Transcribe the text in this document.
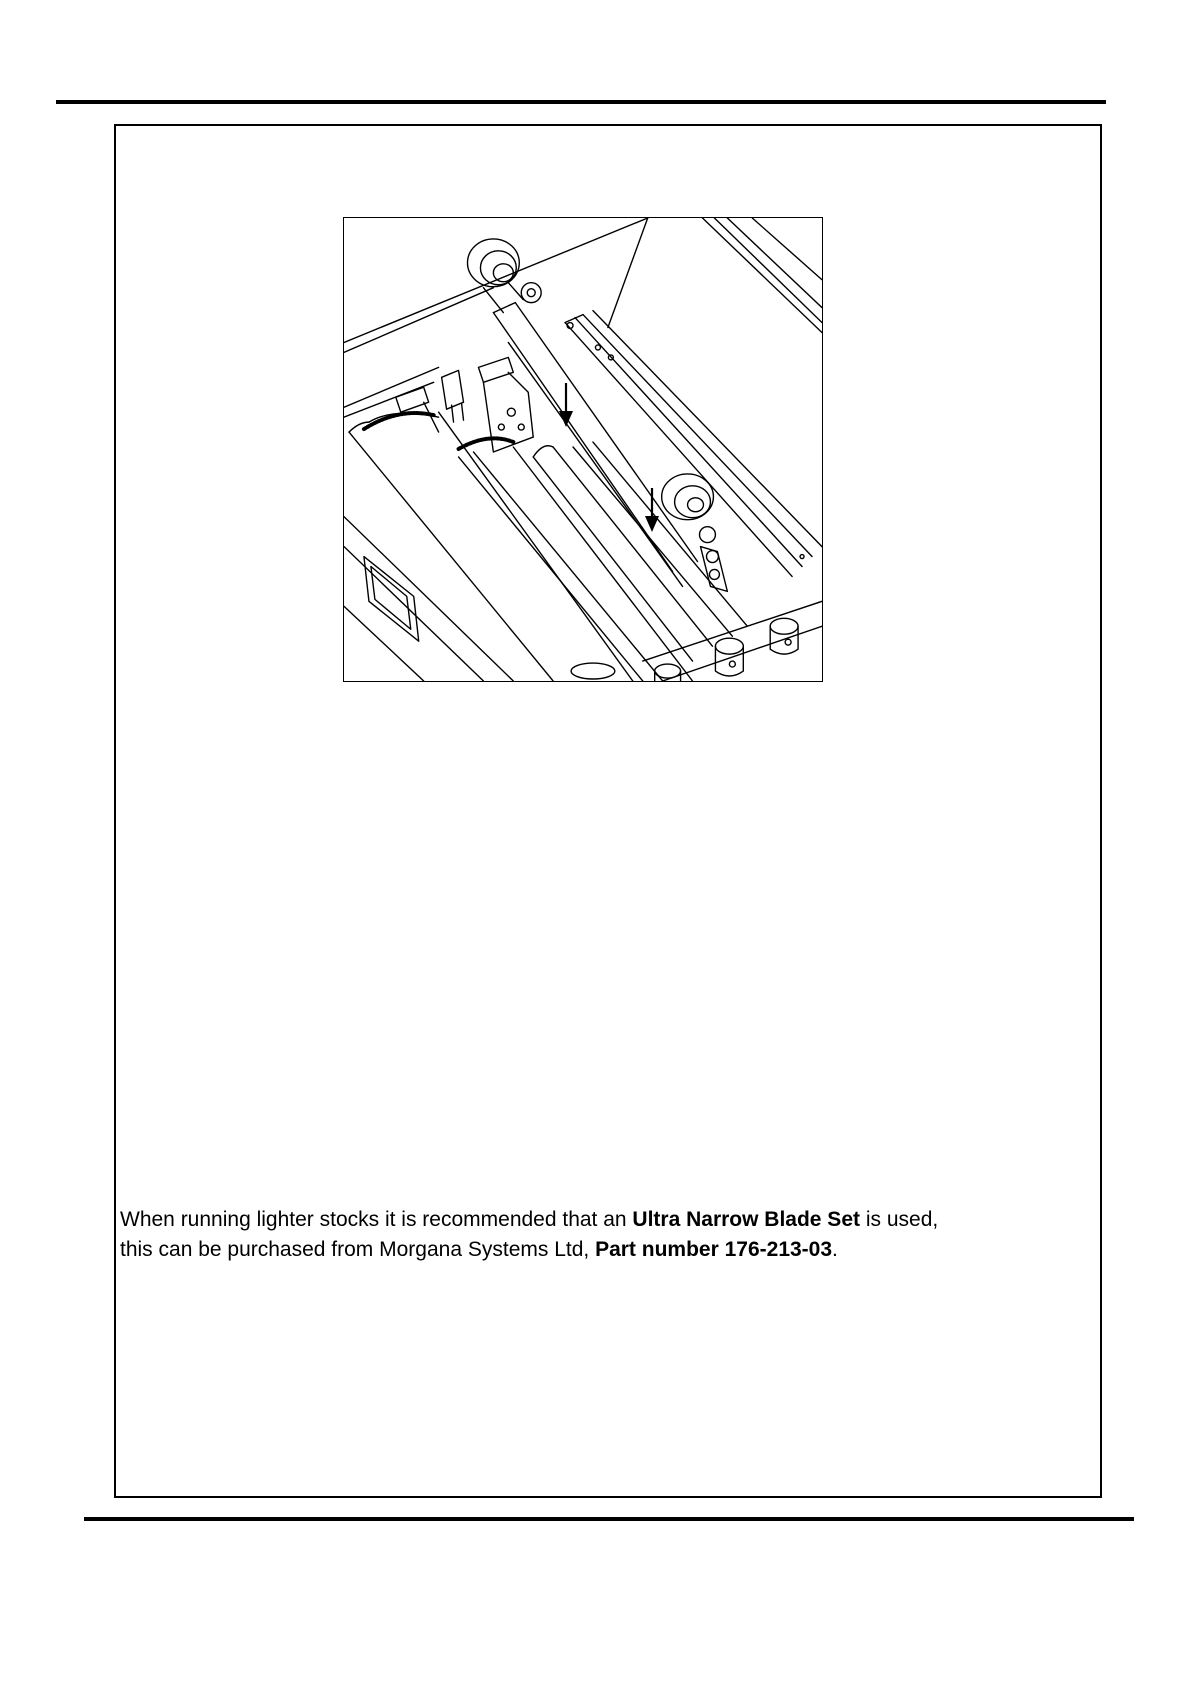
When running lighter stocks it is recommended that an Ultra Narrow Blade Set is used,
this can be purchased from Morgana Systems Ltd, Part number 176-213-03.
